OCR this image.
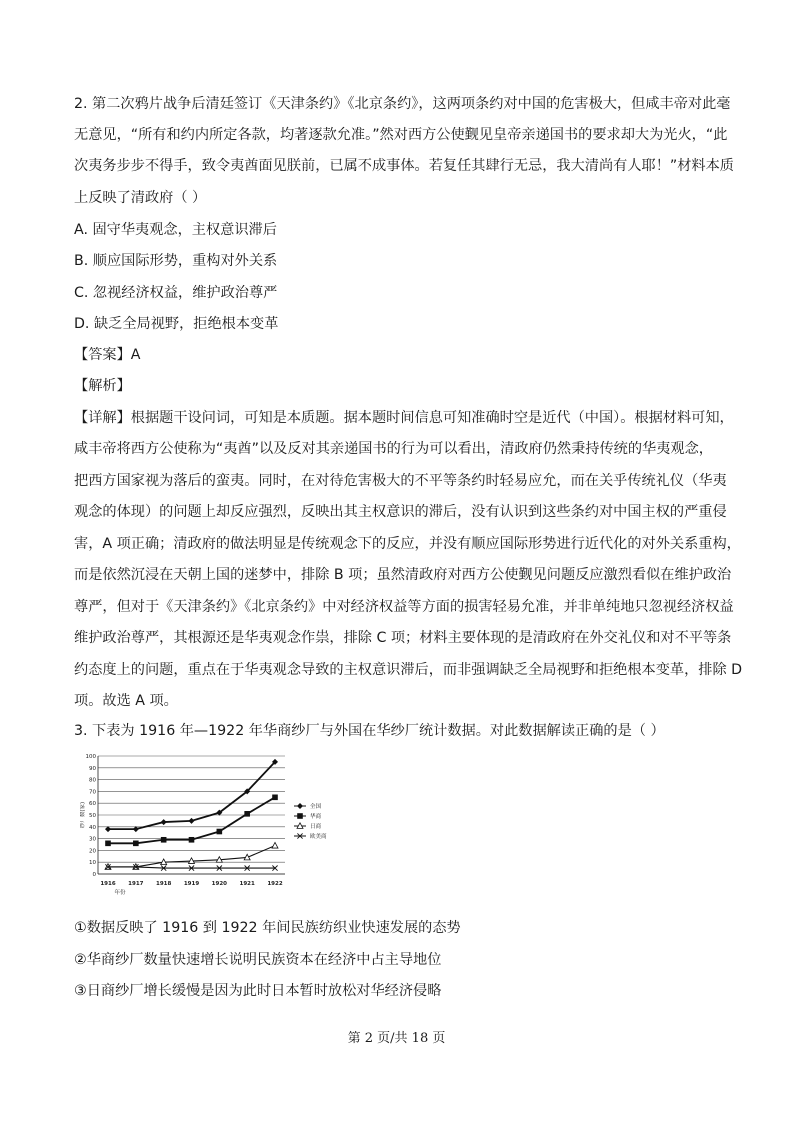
2. 第二次鸦片战争后清廷签订《天津条约》《北京条约》，这两项条约对中国的危害极大，但咸丰帝对此毫
无意见，“所有和约内所定各款，均著逐款允准。”然对西方公使觐见皇帝亲递国书的要求却大为光火，“此
次夷务步步不得手，致令夷酋面见朕前，已属不成事体。若复任其肆行无忌，我大清尚有人耶！”材料本质
上反映了清政府（ ）
A. 固守华夷观念，主权意识滞后
B. 顺应国际形势，重构对外关系
C. 忽视经济权益，维护政治尊严
D. 缺乏全局视野，拒绝根本变革
【答案】A
【解析】
【详解】根据题干设问词，可知是本质题。据本题时间信息可知准确时空是近代（中国）。根据材料可知，
咸丰帝将西方公使称为“夷酋”以及反对其亲递国书的行为可以看出，清政府仍然秉持传统的华夷观念，
把西方国家视为落后的蛮夷。同时，在对待危害极大的不平等条约时轻易应允，而在关乎传统礼仪（华夷
观念的体现）的问题上却反应强烈，反映出其主权意识的滞后，没有认识到这些条约对中国主权的严重侵
害，A 项正确；清政府的做法明显是传统观念下的反应，并没有顺应国际形势进行近代化的对外关系重构，
而是依然沉浸在天朝上国的迷梦中，排除 B 项；虽然清政府对西方公使觐见问题反应激烈看似在维护政治
尊严，但对于《天津条约》《北京条约》中对经济权益等方面的损害轻易允准，并非单纯地只忽视经济权益
维护政治尊严，其根源还是华夷观念作祟，排除 C 项；材料主要体现的是清政府在外交礼仪和对不平等条
约态度上的问题，重点在于华夷观念导致的主权意识滞后，而非强调缺乏全局视野和拒绝根本变革，排除 D
项。故选 A 项。
3. 下表为 1916 年—1922 年华商纱厂与外国在华纱厂统计数据。对此数据解读正确的是（ ）
0
10
20
30
40
50
60
70
80
90
100
1916 1917 1918 1919 1920 1921 1922
年份
纱厂数(家)	全国
华商
日商
欧美商
①数据反映了 1916 到 1922 年间民族纺织业快速发展的态势
②华商纱厂数量快速增长说明民族资本在经济中占主导地位
③日商纱厂增长缓慢是因为此时日本暂时放松对华经济侵略
第 2 页/共 18 页
